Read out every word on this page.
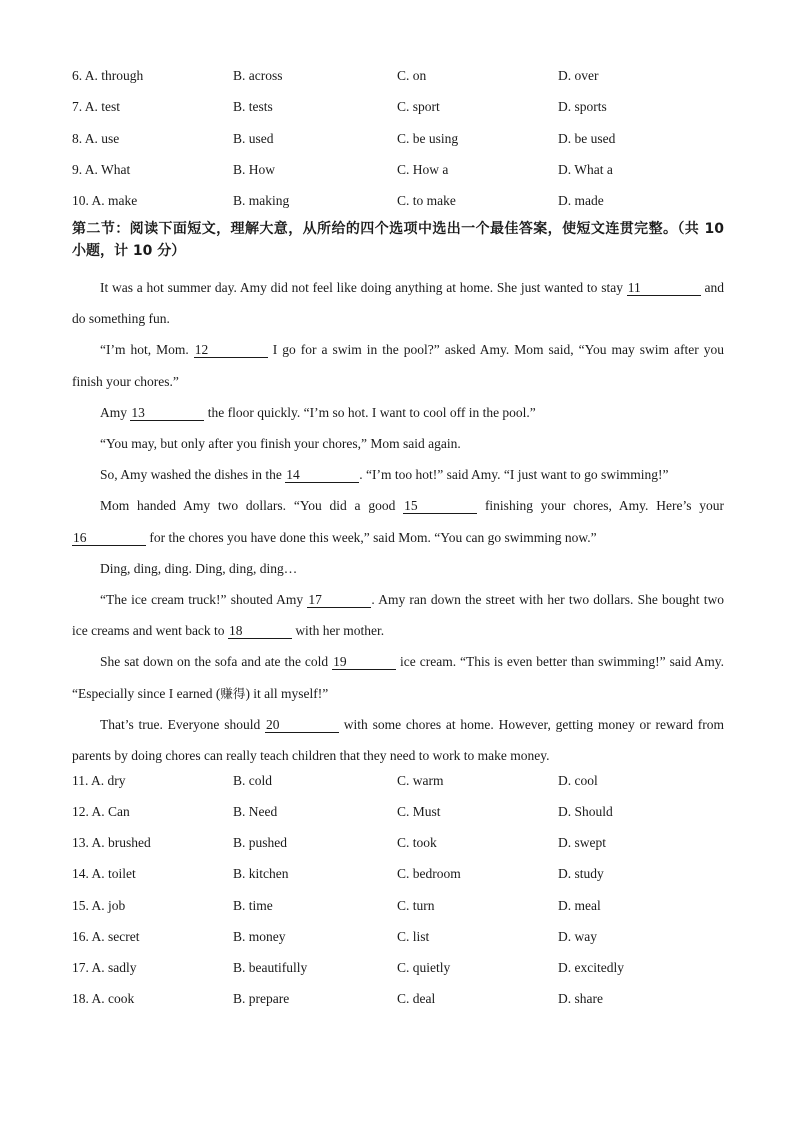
6. A. through	B. across	C. on	D. over
7. A. test	B. tests	C. sport	D. sports
8. A. use	B. used	C. be using	D. be used
9. A. What	B. How	C. How a	D. What a
10. A. make	B. making	C. to make	D. made
第二节：阅读下面短文，理解大意，从所给的四个选项中选出一个最佳答案，使短文连贯完整。（共 10 小题，计 10 分）

It was a hot summer day. Amy did not feel like doing anything at home. She just wanted to stay 11	and do something fun.

“I’m hot, Mom. 12	I go for a swim in the pool?” asked Amy. Mom said, “You may swim after you finish your chores.”

Amy 13	the floor quickly. “I’m so hot. I want to cool off in the pool.”

“You may, but only after you finish your chores,” Mom said again.

So, Amy washed the dishes in the 14	. “I’m too hot!” said Amy. “I just want to go swimming!”

Mom handed Amy two dollars. “You did a good 15	finishing your chores, Amy. Here’s your 16	for the chores you have done this week,” said Mom. “You can go swimming now.”

Ding, ding, ding. Ding, ding, ding…

“The ice cream truck!” shouted Amy 17	. Amy ran down the street with her two dollars. She bought two ice creams and went back to 18	with her mother.

She sat down on the sofa and ate the cold 19	ice cream. “This is even better than swimming!” said Amy. “Especially since I earned (赚得) it all myself!”

That’s true. Everyone should 20	with some chores at home. However, getting money or reward from parents by doing chores can really teach children that they need to work to make money.

11. A. dry	B. cold	C. warm	D. cool
12. A. Can	B. Need	C. Must	D. Should
13. A. brushed	B. pushed	C. took	D. swept
14. A. toilet	B. kitchen	C. bedroom	D. study
15. A. job	B. time	C. turn	D. meal
16. A. secret	B. money	C. list	D. way
17. A. sadly	B. beautifully	C. quietly	D. excitedly
18. A. cook	B. prepare	C. deal	D. share
